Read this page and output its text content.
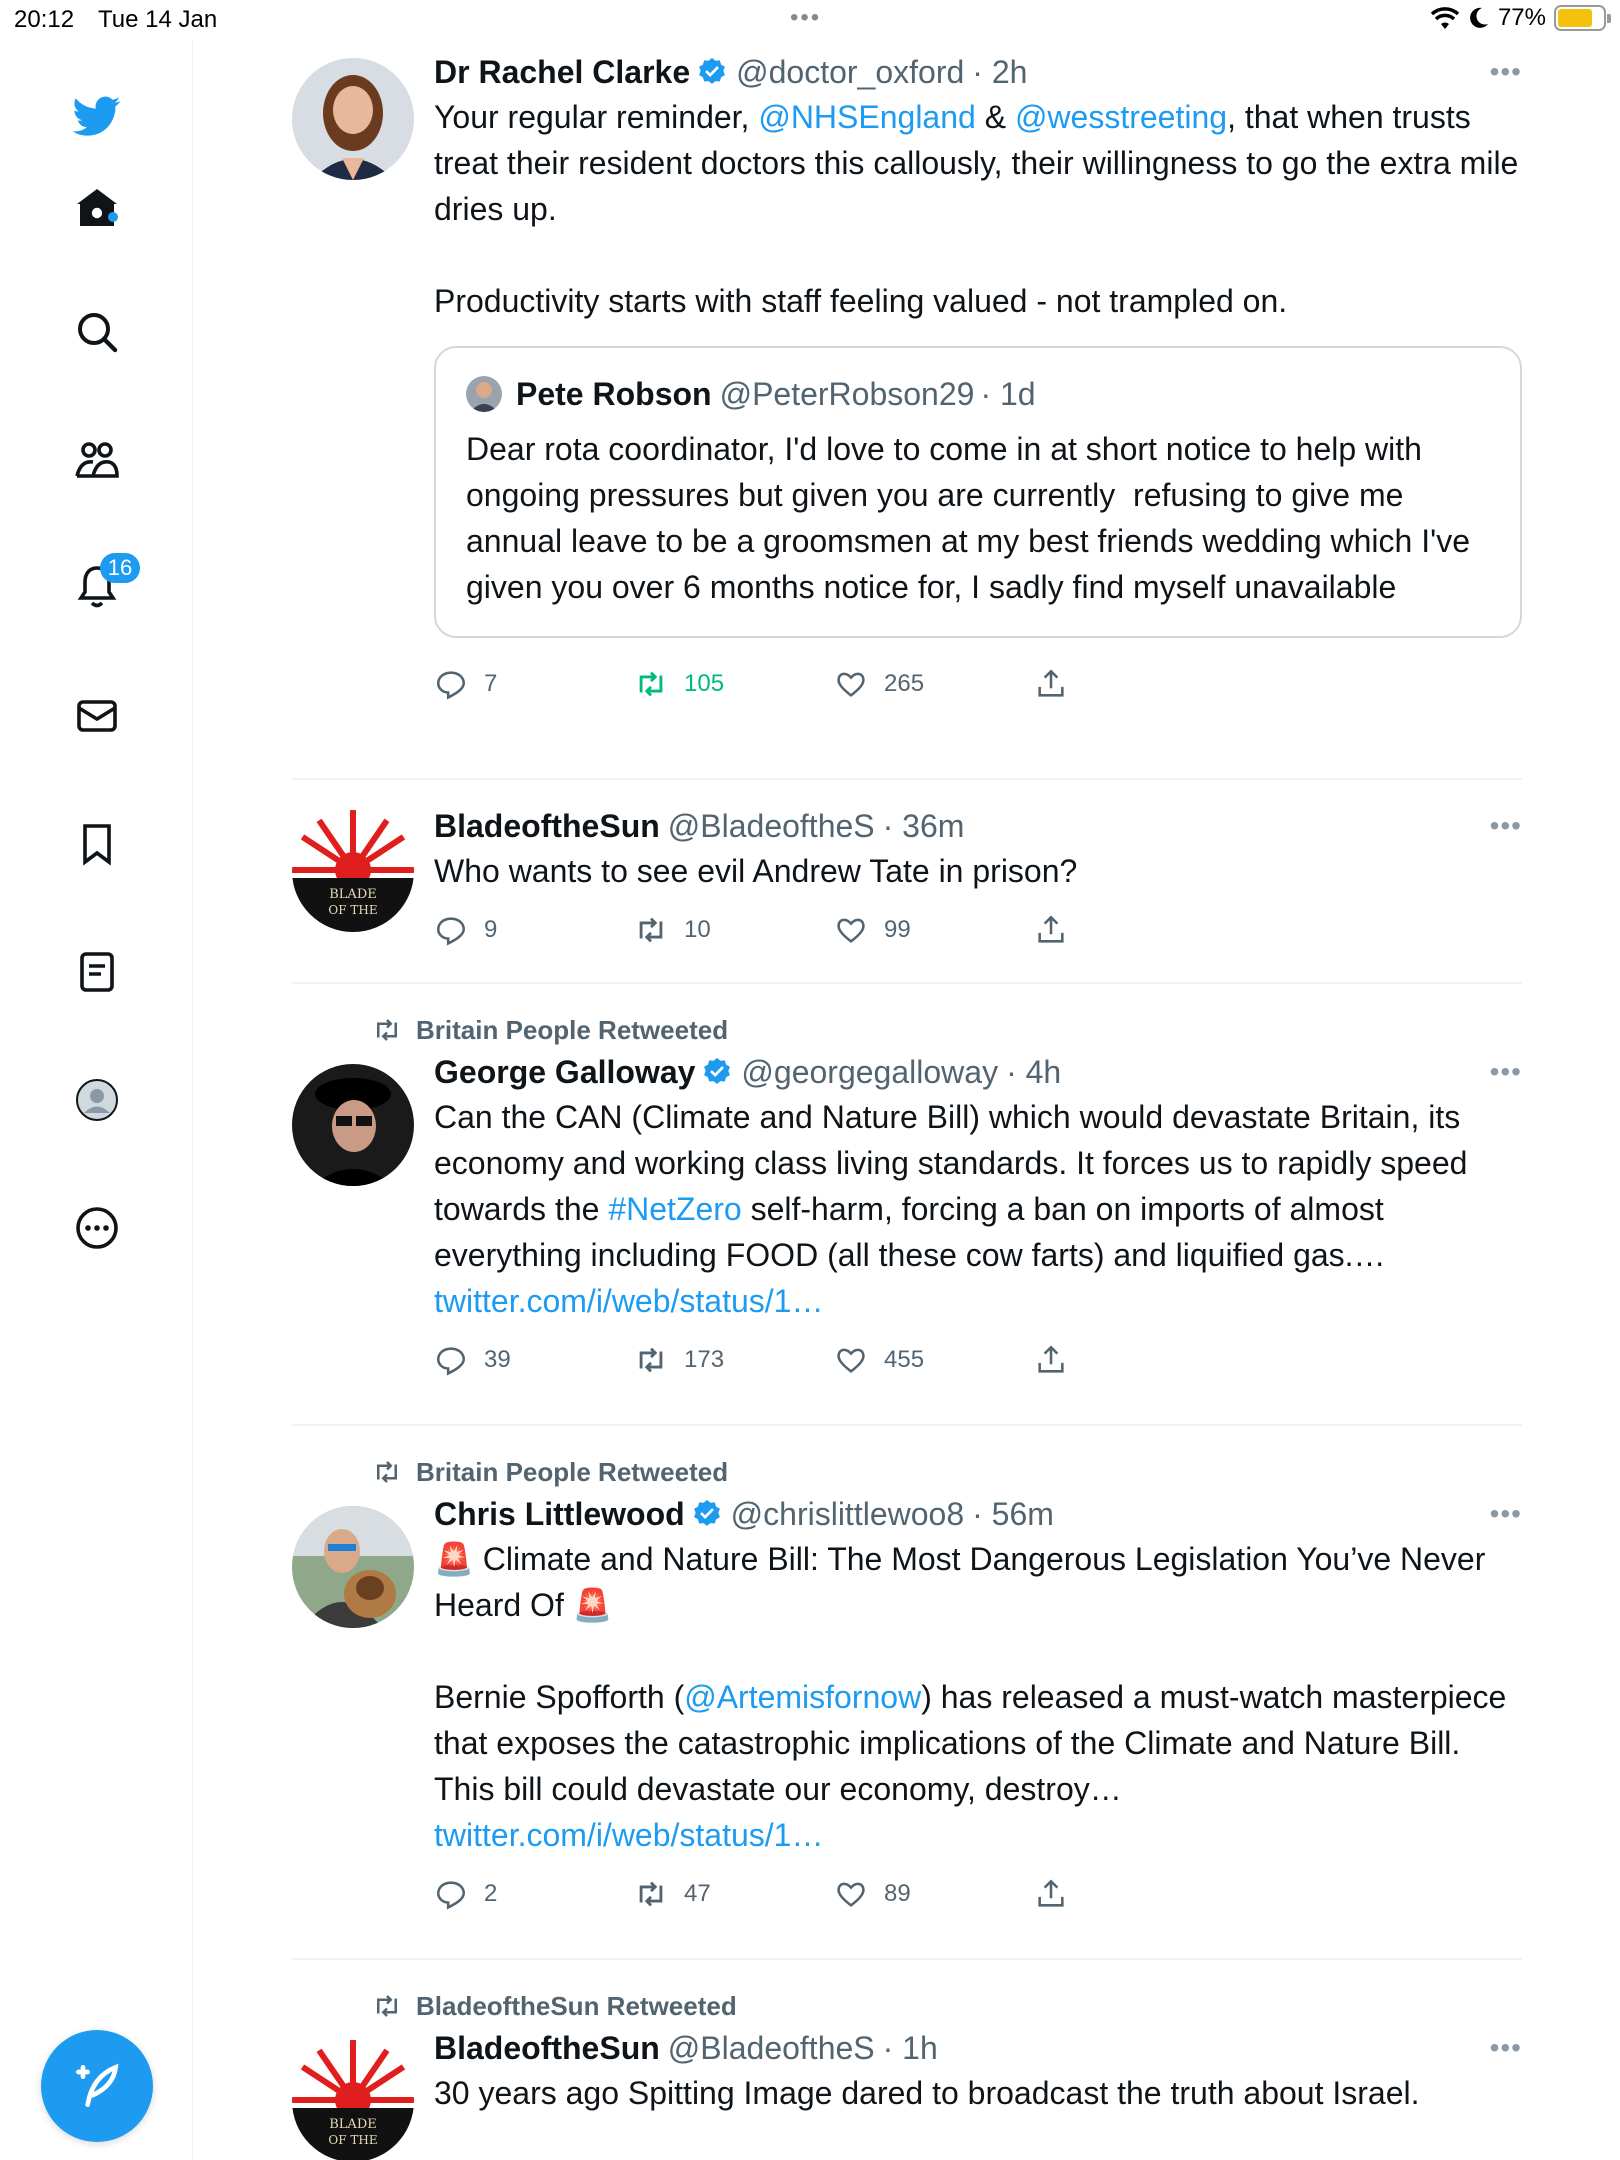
20:12 Tue 14 Jan	•••	77%
16
Dr Rachel Clarke @doctor_oxford · 2h	•••
Your regular reminder, @NHSEngland & @wesstreeting, that when trusts treat their resident doctors this callously, their willingness to go the extra mile dries up.

Productivity starts with staff feeling valued - not trampled on.
Pete Robson @PeterRobson29 · 1d
Dear rota coordinator, I'd love to come in at short notice to help with ongoing pressures but given you are currently  refusing to give me annual leave to be a groomsmen at my best friends wedding which I've given you over 6 months notice for, I sadly find myself unavailable
7	105	265
BLADE
OF THE
BladeoftheSun @BladeoftheS · 36m	•••
Who wants to see evil Andrew Tate in prison?
9	10	99
Britain People Retweeted
George Galloway @georgegalloway · 4h	•••
Can the CAN (Climate and Nature Bill) which would devastate Britain, its economy and working class living standards. It forces us to rapidly speed towards the #NetZero self-harm, forcing a ban on imports of almost everything including FOOD (all these cow farts) and liquified gas.… twitter.com/i/web/status/1…
39	173	455
Britain People Retweeted
Chris Littlewood @chrislittlewoo8 · 56m	•••
🚨 Climate and Nature Bill: The Most Dangerous Legislation You’ve Never Heard Of 🚨

Bernie Spofforth (@Artemisfornow) has released a must-watch masterpiece that exposes the catastrophic implications of the Climate and Nature Bill. This bill could devastate our economy, destroy…
twitter.com/i/web/status/1…
2	47	89
BladeoftheSun Retweeted
BLADE
OF THE
BladeoftheSun @BladeoftheS · 1h	•••
30 years ago Spitting Image dared to broadcast the truth about Israel.
